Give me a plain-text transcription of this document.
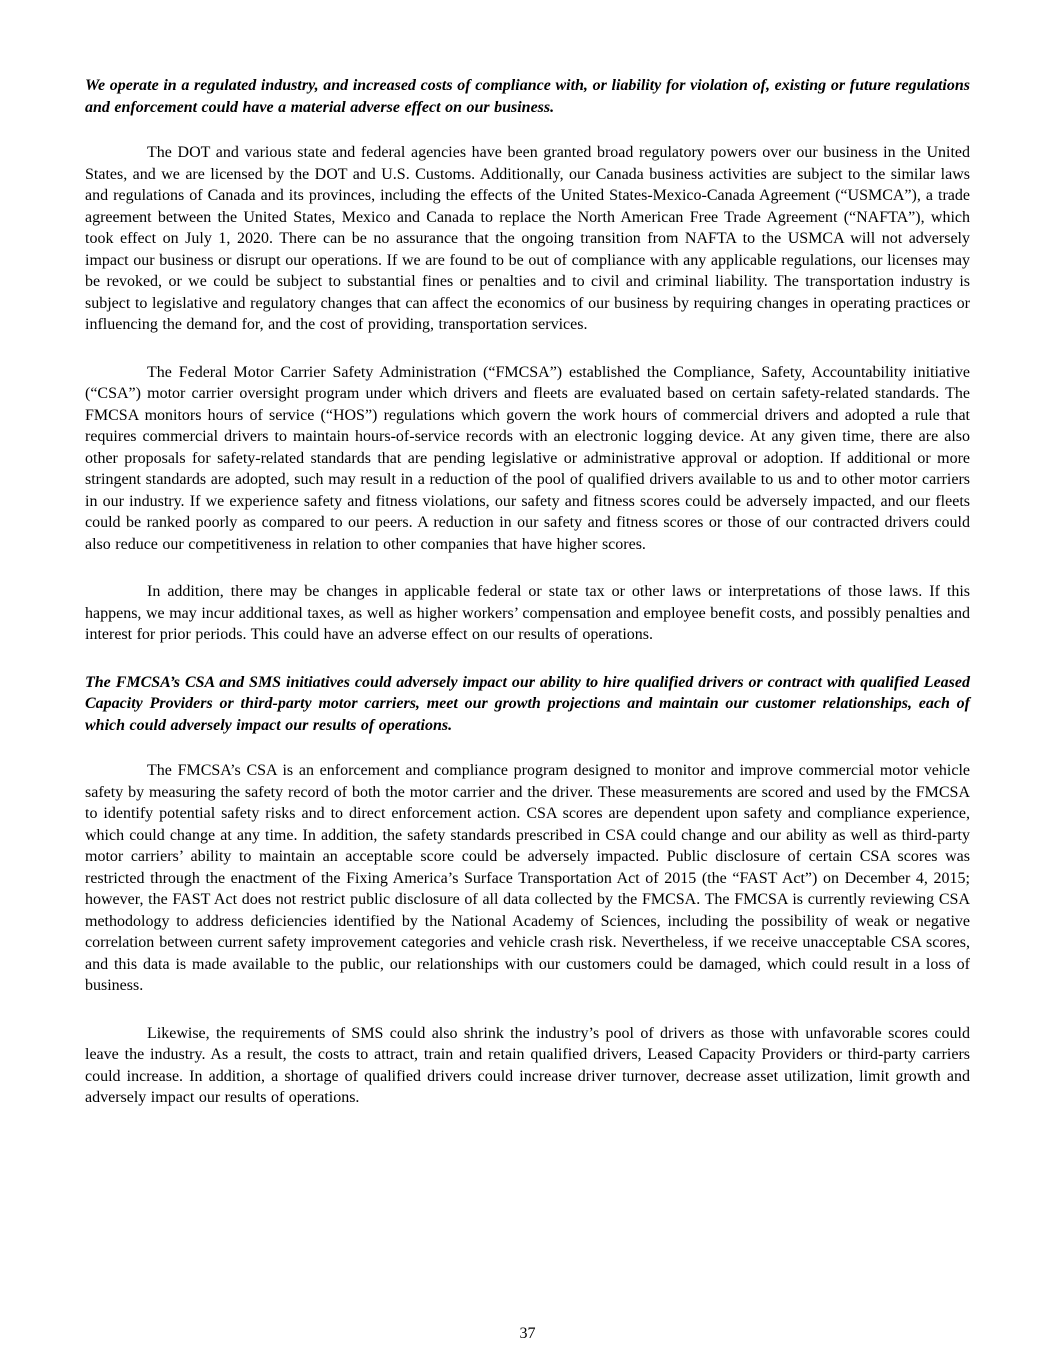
We operate in a regulated industry, and increased costs of compliance with, or liability for violation of, existing or future regulations and enforcement could have a material adverse effect on our business.

The DOT and various state and federal agencies have been granted broad regulatory powers over our business in the United States, and we are licensed by the DOT and U.S. Customs. Additionally, our Canada business activities are subject to the similar laws and regulations of Canada and its provinces, including the effects of the United States-Mexico-Canada Agreement (“USMCA”), a trade agreement between the United States, Mexico and Canada to replace the North American Free Trade Agreement (“NAFTA”), which took effect on July 1, 2020. There can be no assurance that the ongoing transition from NAFTA to the USMCA will not adversely impact our business or disrupt our operations. If we are found to be out of compliance with any applicable regulations, our licenses may be revoked, or we could be subject to substantial fines or penalties and to civil and criminal liability. The transportation industry is subject to legislative and regulatory changes that can affect the economics of our business by requiring changes in operating practices or influencing the demand for, and the cost of providing, transportation services.

The Federal Motor Carrier Safety Administration (“FMCSA”) established the Compliance, Safety, Accountability initiative (“CSA”) motor carrier oversight program under which drivers and fleets are evaluated based on certain safety-related standards. The FMCSA monitors hours of service (“HOS”) regulations which govern the work hours of commercial drivers and adopted a rule that requires commercial drivers to maintain hours-of-service records with an electronic logging device. At any given time, there are also other proposals for safety-related standards that are pending legislative or administrative approval or adoption. If additional or more stringent standards are adopted, such may result in a reduction of the pool of qualified drivers available to us and to other motor carriers in our industry. If we experience safety and fitness violations, our safety and fitness scores could be adversely impacted, and our fleets could be ranked poorly as compared to our peers. A reduction in our safety and fitness scores or those of our contracted drivers could also reduce our competitiveness in relation to other companies that have higher scores.

In addition, there may be changes in applicable federal or state tax or other laws or interpretations of those laws. If this happens, we may incur additional taxes, as well as higher workers’ compensation and employee benefit costs, and possibly penalties and interest for prior periods. This could have an adverse effect on our results of operations.

The FMCSA’s CSA and SMS initiatives could adversely impact our ability to hire qualified drivers or contract with qualified Leased Capacity Providers or third-party motor carriers, meet our growth projections and maintain our customer relationships, each of which could adversely impact our results of operations.

The FMCSA’s CSA is an enforcement and compliance program designed to monitor and improve commercial motor vehicle safety by measuring the safety record of both the motor carrier and the driver. These measurements are scored and used by the FMCSA to identify potential safety risks and to direct enforcement action. CSA scores are dependent upon safety and compliance experience, which could change at any time. In addition, the safety standards prescribed in CSA could change and our ability as well as third-party motor carriers’ ability to maintain an acceptable score could be adversely impacted. Public disclosure of certain CSA scores was restricted through the enactment of the Fixing America’s Surface Transportation Act of 2015 (the “FAST Act”) on December 4, 2015; however, the FAST Act does not restrict public disclosure of all data collected by the FMCSA. The FMCSA is currently reviewing CSA methodology to address deficiencies identified by the National Academy of Sciences, including the possibility of weak or negative correlation between current safety improvement categories and vehicle crash risk. Nevertheless, if we receive unacceptable CSA scores, and this data is made available to the public, our relationships with our customers could be damaged, which could result in a loss of business.

Likewise, the requirements of SMS could also shrink the industry’s pool of drivers as those with unfavorable scores could leave the industry. As a result, the costs to attract, train and retain qualified drivers, Leased Capacity Providers or third-party carriers could increase. In addition, a shortage of qualified drivers could increase driver turnover, decrease asset utilization, limit growth and adversely impact our results of operations.

37
